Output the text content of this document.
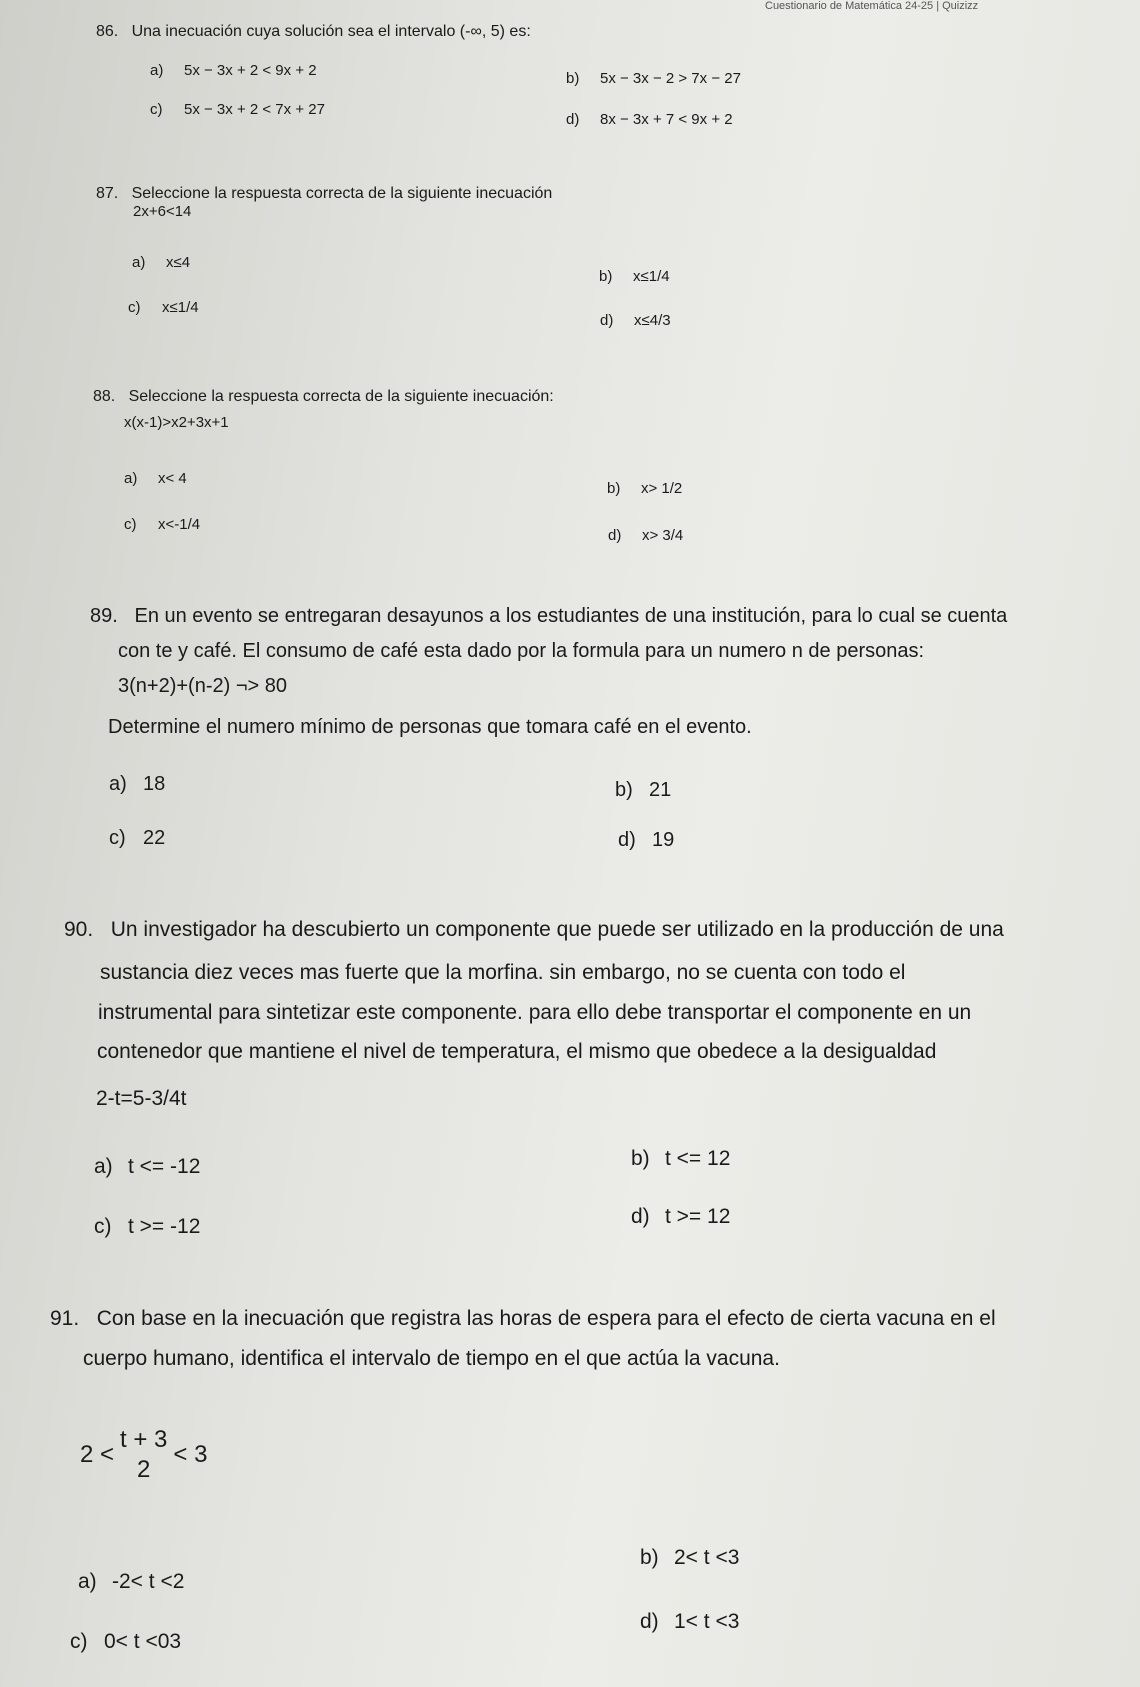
Cuestionario de Matemática 24-25 | Quizizz
86. Una inecuación cuya solución sea el intervalo (-∞, 5) es:
a) 5x − 3x + 2 < 9x + 2	b) 5x − 3x − 2 > 7x − 27
c) 5x − 3x + 2 < 7x + 27
d) 8x − 3x + 7 < 9x + 2
87. Seleccione la respuesta correcta de la siguiente inecuación
2x+6<14
a) x≤4
b) x≤1/4
c) x≤1/4
d) x≤4/3
88. Seleccione la respuesta correcta de la siguiente inecuación:
x(x-1)>x2+3x+1
a) x< 4
b) x> 1/2
c) x<-1/4
d) x> 3/4
89. En un evento se entregaran desayunos a los estudiantes de una institución, para lo cual se cuenta
con te y café. El consumo de café esta dado por la formula para un numero n de personas:
3(n+2)+(n-2) ¬> 80
Determine el numero mínimo de personas que tomara café en el evento.
a) 18	b) 21
c) 22	d) 19
90. Un investigador ha descubierto un componente que puede ser utilizado en la producción de una
sustancia diez veces mas fuerte que la morfina. sin embargo, no se cuenta con todo el
instrumental para sintetizar este componente. para ello debe transportar el componente en un
contenedor que mantiene el nivel de temperatura, el mismo que obedece a la desigualdad
2-t=5-3/4t
a) t <= -12	b) t <= 12
c) t >= -12	d) t >= 12
91. Con base en la inecuación que registra las horas de espera para el efecto de cierta vacuna en el
cuerpo humano, identifica el intervalo de tiempo en el que actúa la vacuna.
2 <
t + 3
2
< 3
a) -2< t <2
b) 2< t <3
c) 0< t <03
d) 1< t <3
